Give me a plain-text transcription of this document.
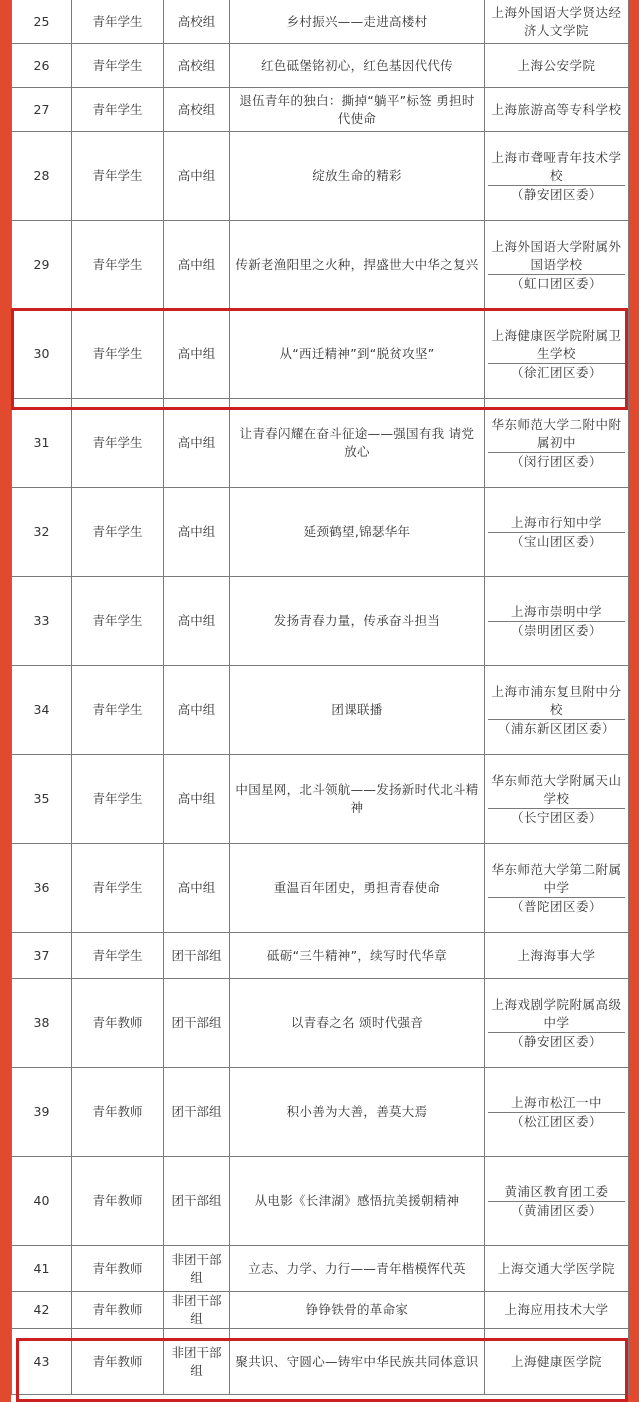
25	青年学生	高校组	乡村振兴——走进高楼村	上海外国语大学贤达经济人文学院
26	青年学生	高校组	红色砥堡铭初心，红色基因代代传	上海公安学院
27	青年学生	高校组	退伍青年的独白：撕掉“躺平”标签 勇担时代使命	上海旅游高等专科学校
28	青年学生	高中组	绽放生命的精彩	上海市聋哑青年技术学校
（静安团区委）

29	青年学生	高中组	传新老渔阳里之火种，捍盛世大中华之复兴	上海外国语大学附属外国语学校
（虹口团区委）

30	青年学生	高中组	从“西迁精神”到“脱贫攻坚”	上海健康医学院附属卫生学校
（徐汇团区委）

31	青年学生	高中组	让青春闪耀在奋斗征途——强国有我 请党放心	华东师范大学二附中附属初中
（闵行团区委）

32	青年学生	高中组	延颈鹤望,锦瑟华年	上海市行知中学
（宝山团区委）

33	青年学生	高中组	发扬青春力量，传承奋斗担当	上海市崇明中学
（崇明团区委）

34	青年学生	高中组	团课联播	上海市浦东复旦附中分校
（浦东新区团区委）

35	青年学生	高中组	中国星网，北斗领航——发扬新时代北斗精神	华东师范大学附属天山学校
（长宁团区委）

36	青年学生	高中组	重温百年团史，勇担青春使命	华东师范大学第二附属中学
（普陀团区委）

37	青年学生	团干部组	砥砺“三牛精神”，续写时代华章	上海海事大学
38	青年教师	团干部组	以青春之名 颂时代强音	上海戏剧学院附属高级中学
（静安团区委）

39	青年教师	团干部组	积小善为大善，善莫大焉	上海市松江一中
（松江团区委）

40	青年教师	团干部组	从电影《长津湖》感悟抗美援朝精神	黄浦区教育团工委
（黄浦团区委）

41	青年教师	非团干部组	立志、力学、力行——青年楷模恽代英	上海交通大学医学院
42	青年教师	非团干部组	铮铮铁骨的革命家	上海应用技术大学
43	青年教师	非团干部组	聚共识、守圆心—铸牢中华民族共同体意识	上海健康医学院
